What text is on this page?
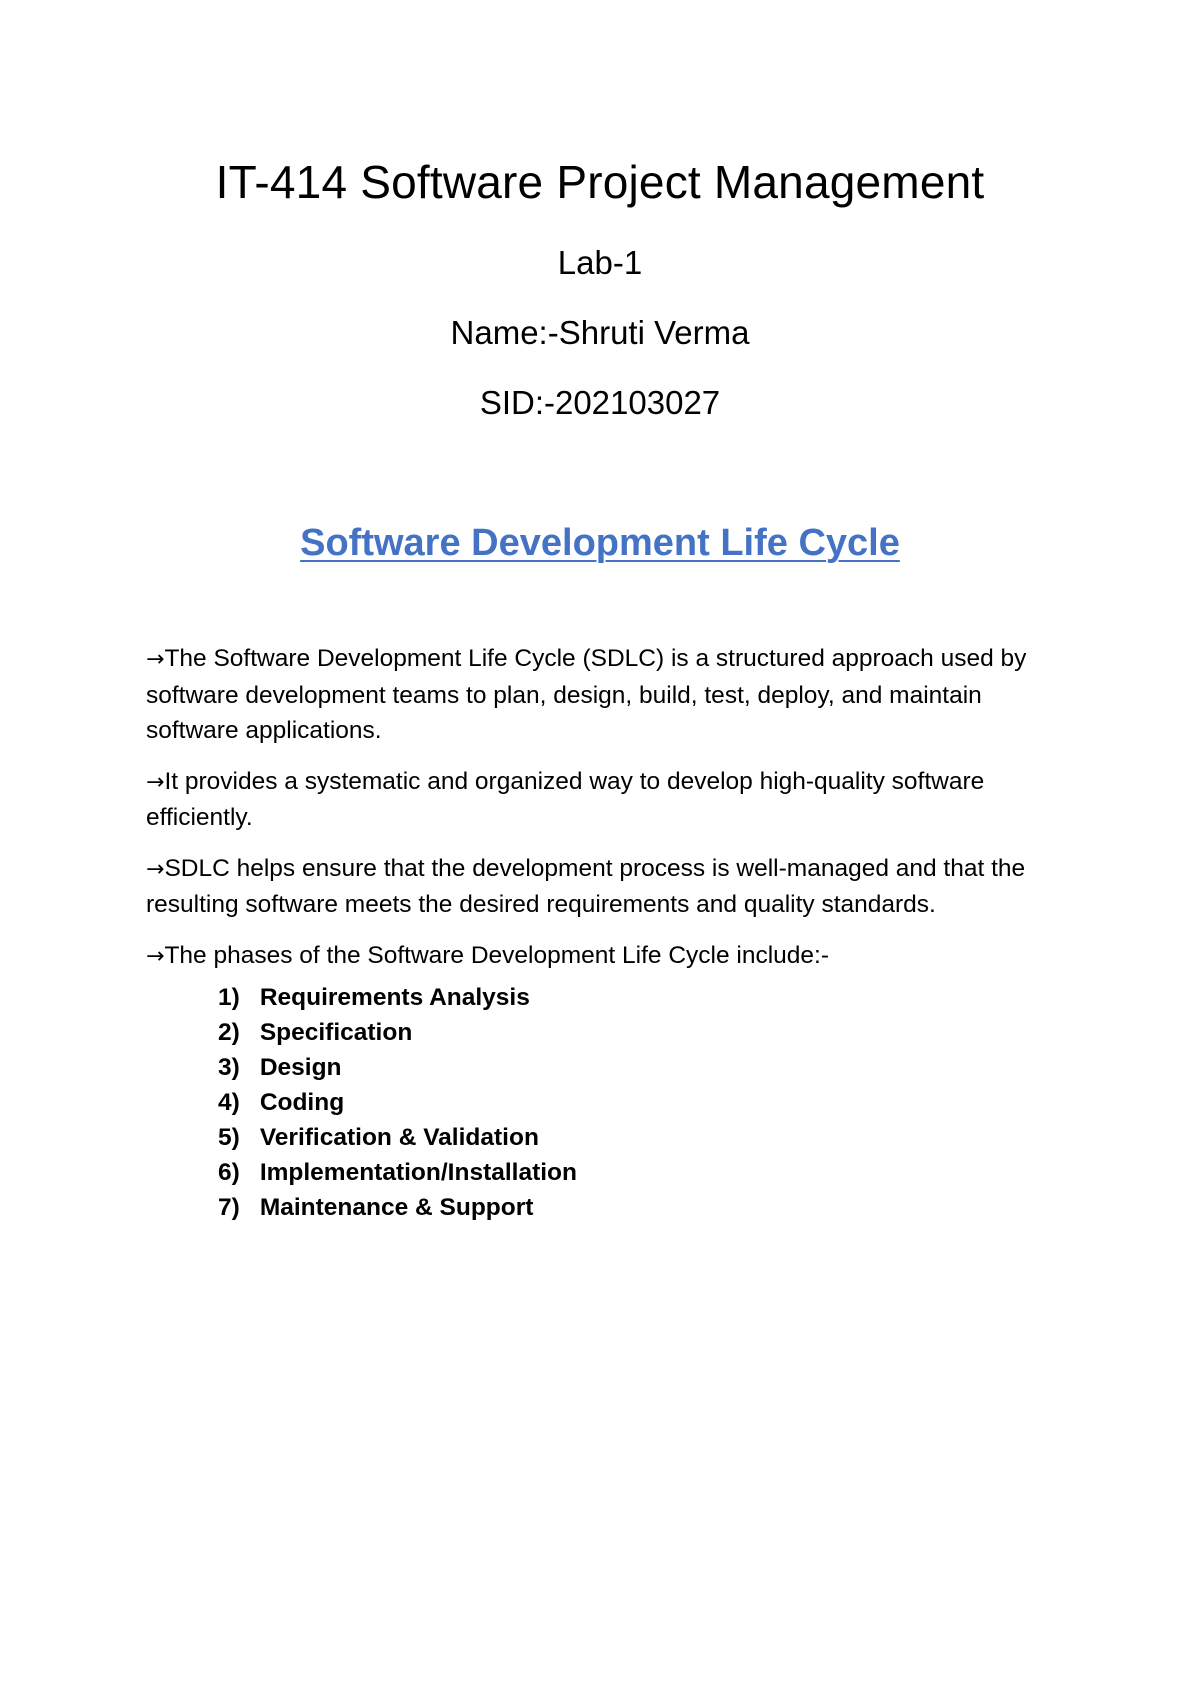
IT-414 Software Project Management

Lab-1

Name:-Shruti Verma

SID:-202103027

Software Development Life Cycle

→The Software Development Life Cycle (SDLC) is a structured approach used by software development teams to plan, design, build, test, deploy, and maintain software applications.

→It provides a systematic and organized way to develop high-quality software efficiently.

→SDLC helps ensure that the development process is well-managed and that the resulting software meets the desired requirements and quality standards.

→The phases of the Software Development Life Cycle include:-

1) Requirements Analysis
2) Specification
3) Design
4) Coding
5) Verification & Validation
6) Implementation/Installation
7) Maintenance & Support
